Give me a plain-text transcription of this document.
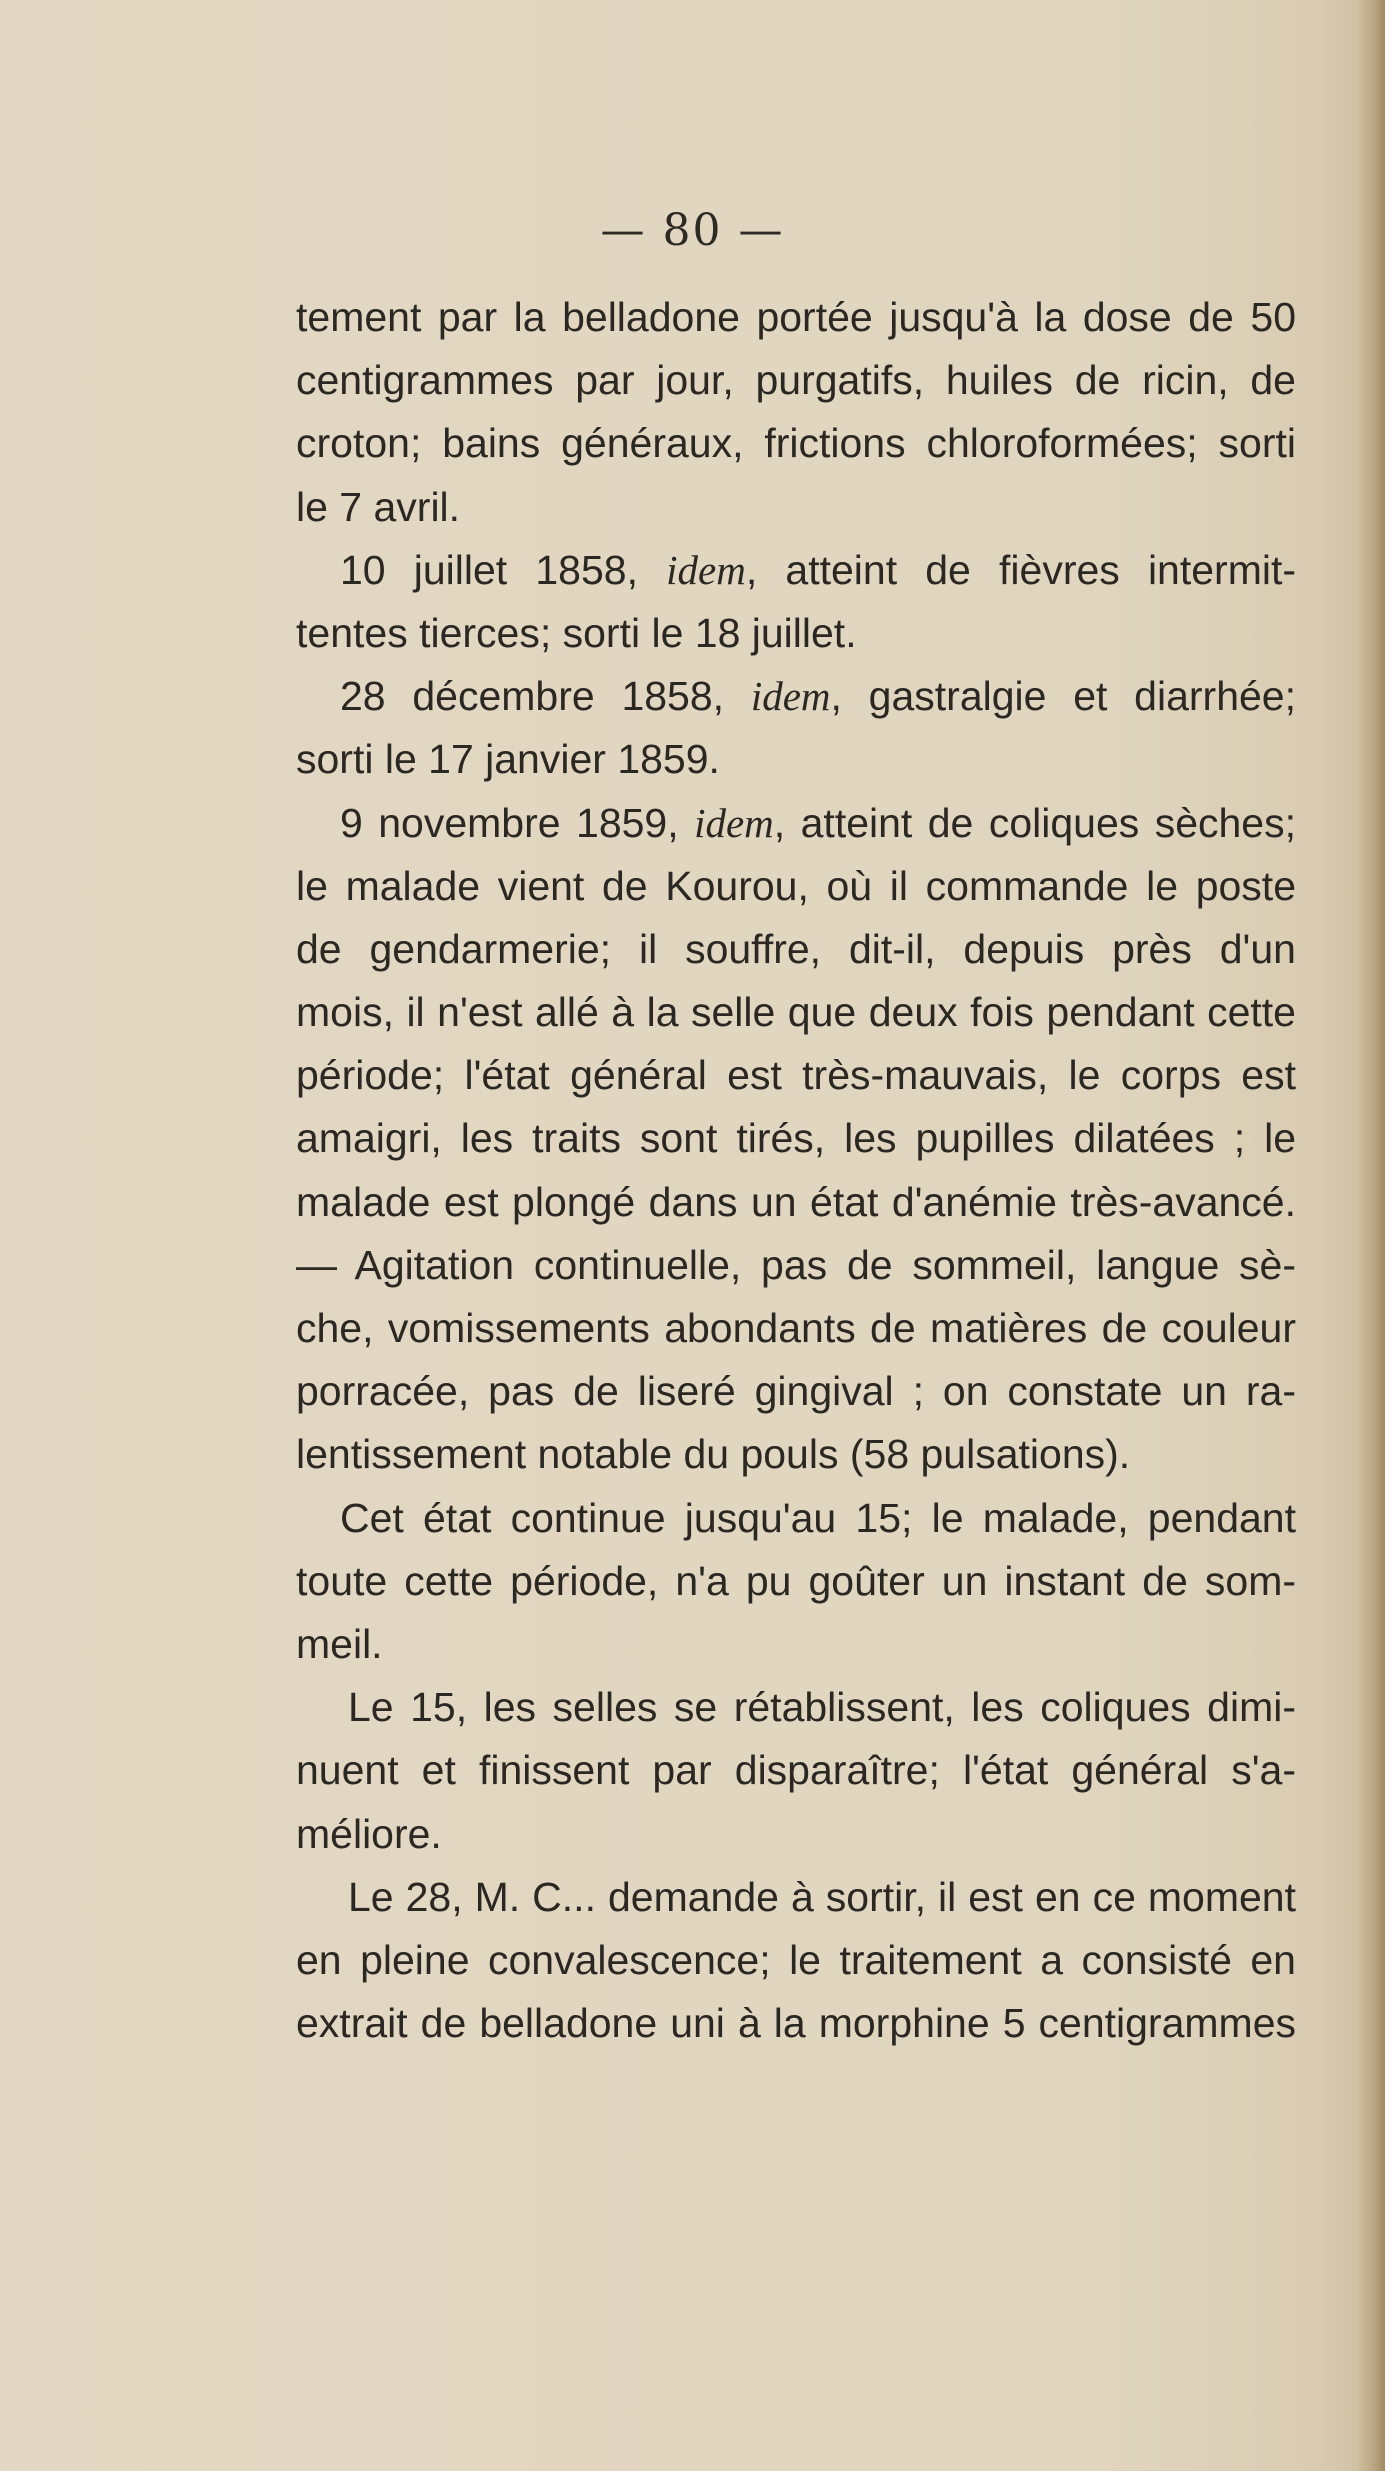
— 80 —
tement par la belladone portée jusqu'à la dose de 50
centigrammes par jour, purgatifs, huiles de ricin, de
croton; bains généraux, frictions chloroformées; sorti
le 7 avril.
10 juillet 1858, idem, atteint de fièvres intermit-
tentes tierces; sorti le 18 juillet.
28 décembre 1858, idem, gastralgie et diarrhée;
sorti le 17 janvier 1859.
9 novembre 1859, idem, atteint de coliques sèches;
le malade vient de Kourou, où il commande le poste
de gendarmerie; il souffre, dit-il, depuis près d'un
mois, il n'est allé à la selle que deux fois pendant cette
période; l'état général est très-mauvais, le corps est
amaigri, les traits sont tirés, les pupilles dilatées ; le
malade est plongé dans un état d'anémie très-avancé.
— Agitation continuelle, pas de sommeil, langue sè-
che, vomissements abondants de matières de couleur
porracée, pas de liseré gingival ; on constate un ra-
lentissement notable du pouls (58 pulsations).
Cet état continue jusqu'au 15; le malade, pendant
toute cette période, n'a pu goûter un instant de som-
meil.
Le 15, les selles se rétablissent, les coliques dimi-
nuent et finissent par disparaître; l'état général s'a-
méliore.
Le 28, M. C... demande à sortir, il est en ce moment
en pleine convalescence; le traitement a consisté en
extrait de belladone uni à la morphine 5 centigrammes
